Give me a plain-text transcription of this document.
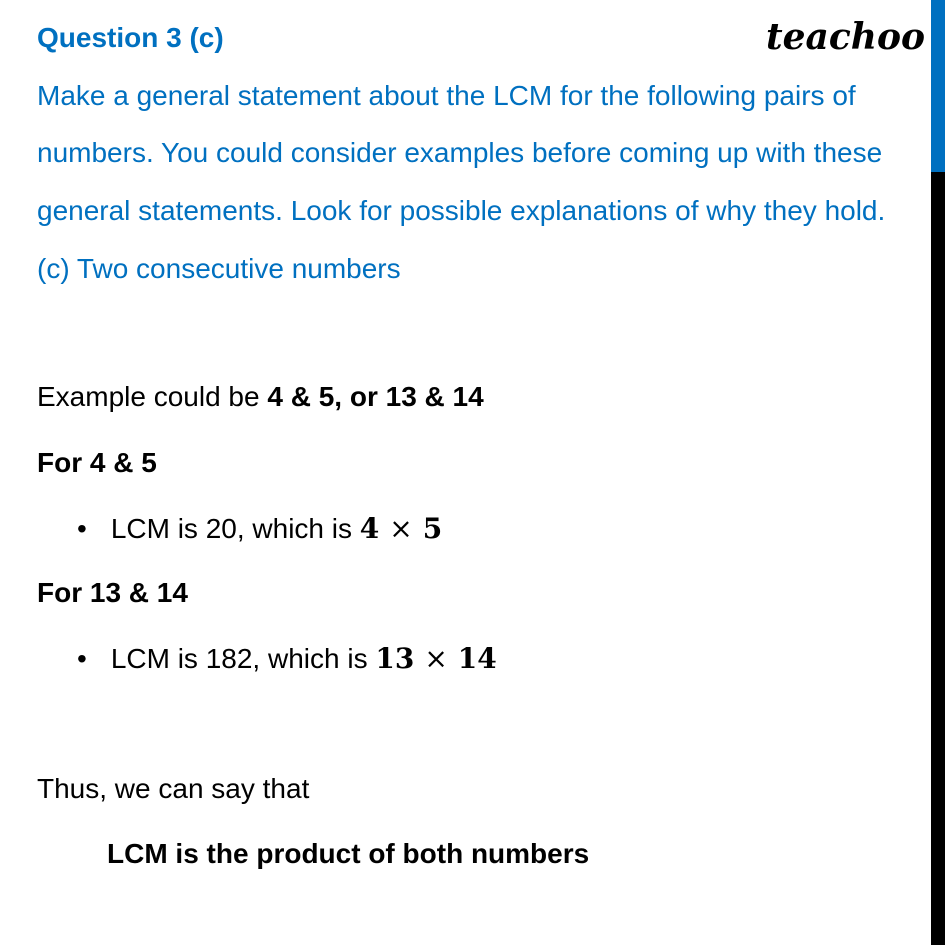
Question 3 (c)	teachoo
Make a general statement about the LCM for the following pairs of
numbers. You could consider examples before coming up with these
general statements. Look for possible explanations of why they hold.
(c) Two consecutive numbers
Example could be 4 & 5, or 13 & 14
For 4 & 5
• LCM is 20, which is 4 × 5
For 13 & 14
• LCM is 182, which is 13 × 14
Thus, we can say that
LCM is the product of both numbers
